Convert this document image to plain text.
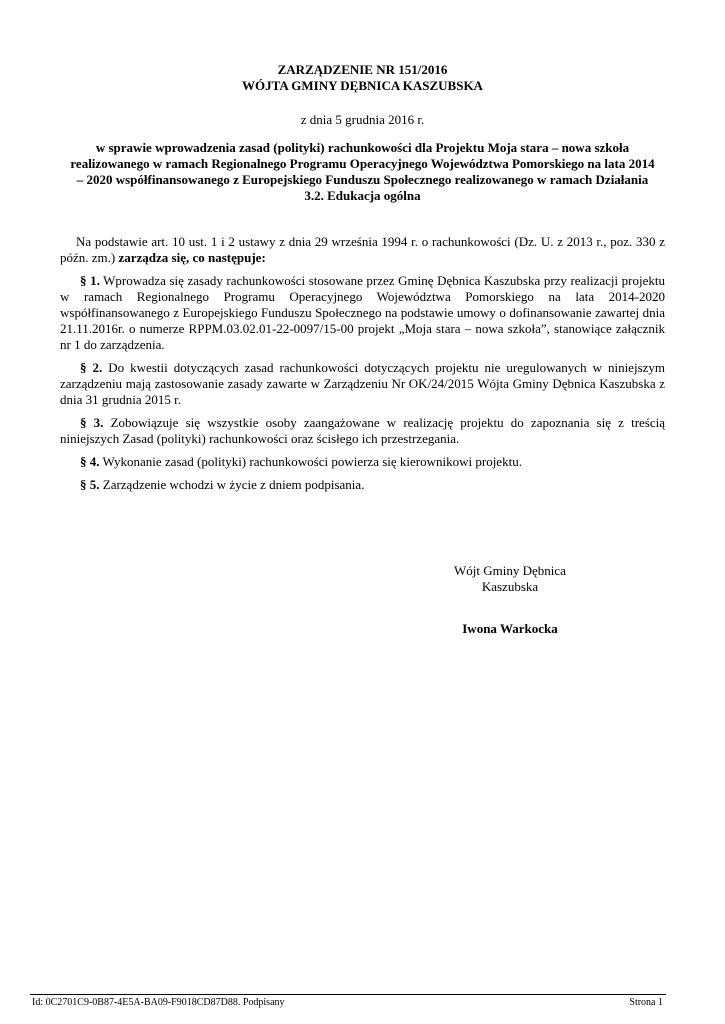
ZARZĄDZENIE NR 151/2016
WÓJTA GMINY DĘBNICA KASZUBSKA
z dnia 5 grudnia 2016 r.
w sprawie wprowadzenia zasad (polityki) rachunkowości dla Projektu Moja stara – nowa szkoła realizowanego w ramach Regionalnego Programu Operacyjnego Województwa Pomorskiego na lata 2014 – 2020 współfinansowanego z Europejskiego Funduszu Społecznego realizowanego w ramach Działania 3.2. Edukacja ogólna

Na podstawie art. 10 ust. 1 i 2 ustawy z dnia 29 września 1994 r. o rachunkowości (Dz. U. z 2013 r., poz. 330 z późn. zm.) zarządza się, co następuje:

§ 1. Wprowadza się zasady rachunkowości stosowane przez Gminę Dębnica Kaszubska przy realizacji projektu w ramach Regionalnego Programu Operacyjnego Województwa Pomorskiego na lata 2014-2020 współfinansowanego z Europejskiego Funduszu Społecznego na podstawie umowy o dofinansowanie zawartej dnia 21.11.2016r. o numerze RPPM.03.02.01-22-0097/15-00 projekt „Moja stara – nowa szkoła”, stanowiące załącznik nr 1 do zarządzenia.

§ 2. Do kwestii dotyczących zasad rachunkowości dotyczących projektu nie uregulowanych w niniejszym zarządzeniu mają zastosowanie zasady zawarte w Zarządzeniu Nr OK/24/2015 Wójta Gminy Dębnica Kaszubska z dnia 31 grudnia 2015 r.

§ 3. Zobowiązuje się wszystkie osoby zaangażowane w realizację projektu do zapoznania się z treścią niniejszych Zasad (polityki) rachunkowości oraz ścisłego ich przestrzegania.

§ 4. Wykonanie zasad (polityki) rachunkowości powierza się kierownikowi projektu.

§ 5. Zarządzenie wchodzi w życie z dniem podpisania.

Wójt Gminy Dębnica
Kaszubska
Iwona Warkocka
Id: 0C2701C9-0B87-4E5A-BA09-F9018CD87D88. Podpisany	Strona 1
